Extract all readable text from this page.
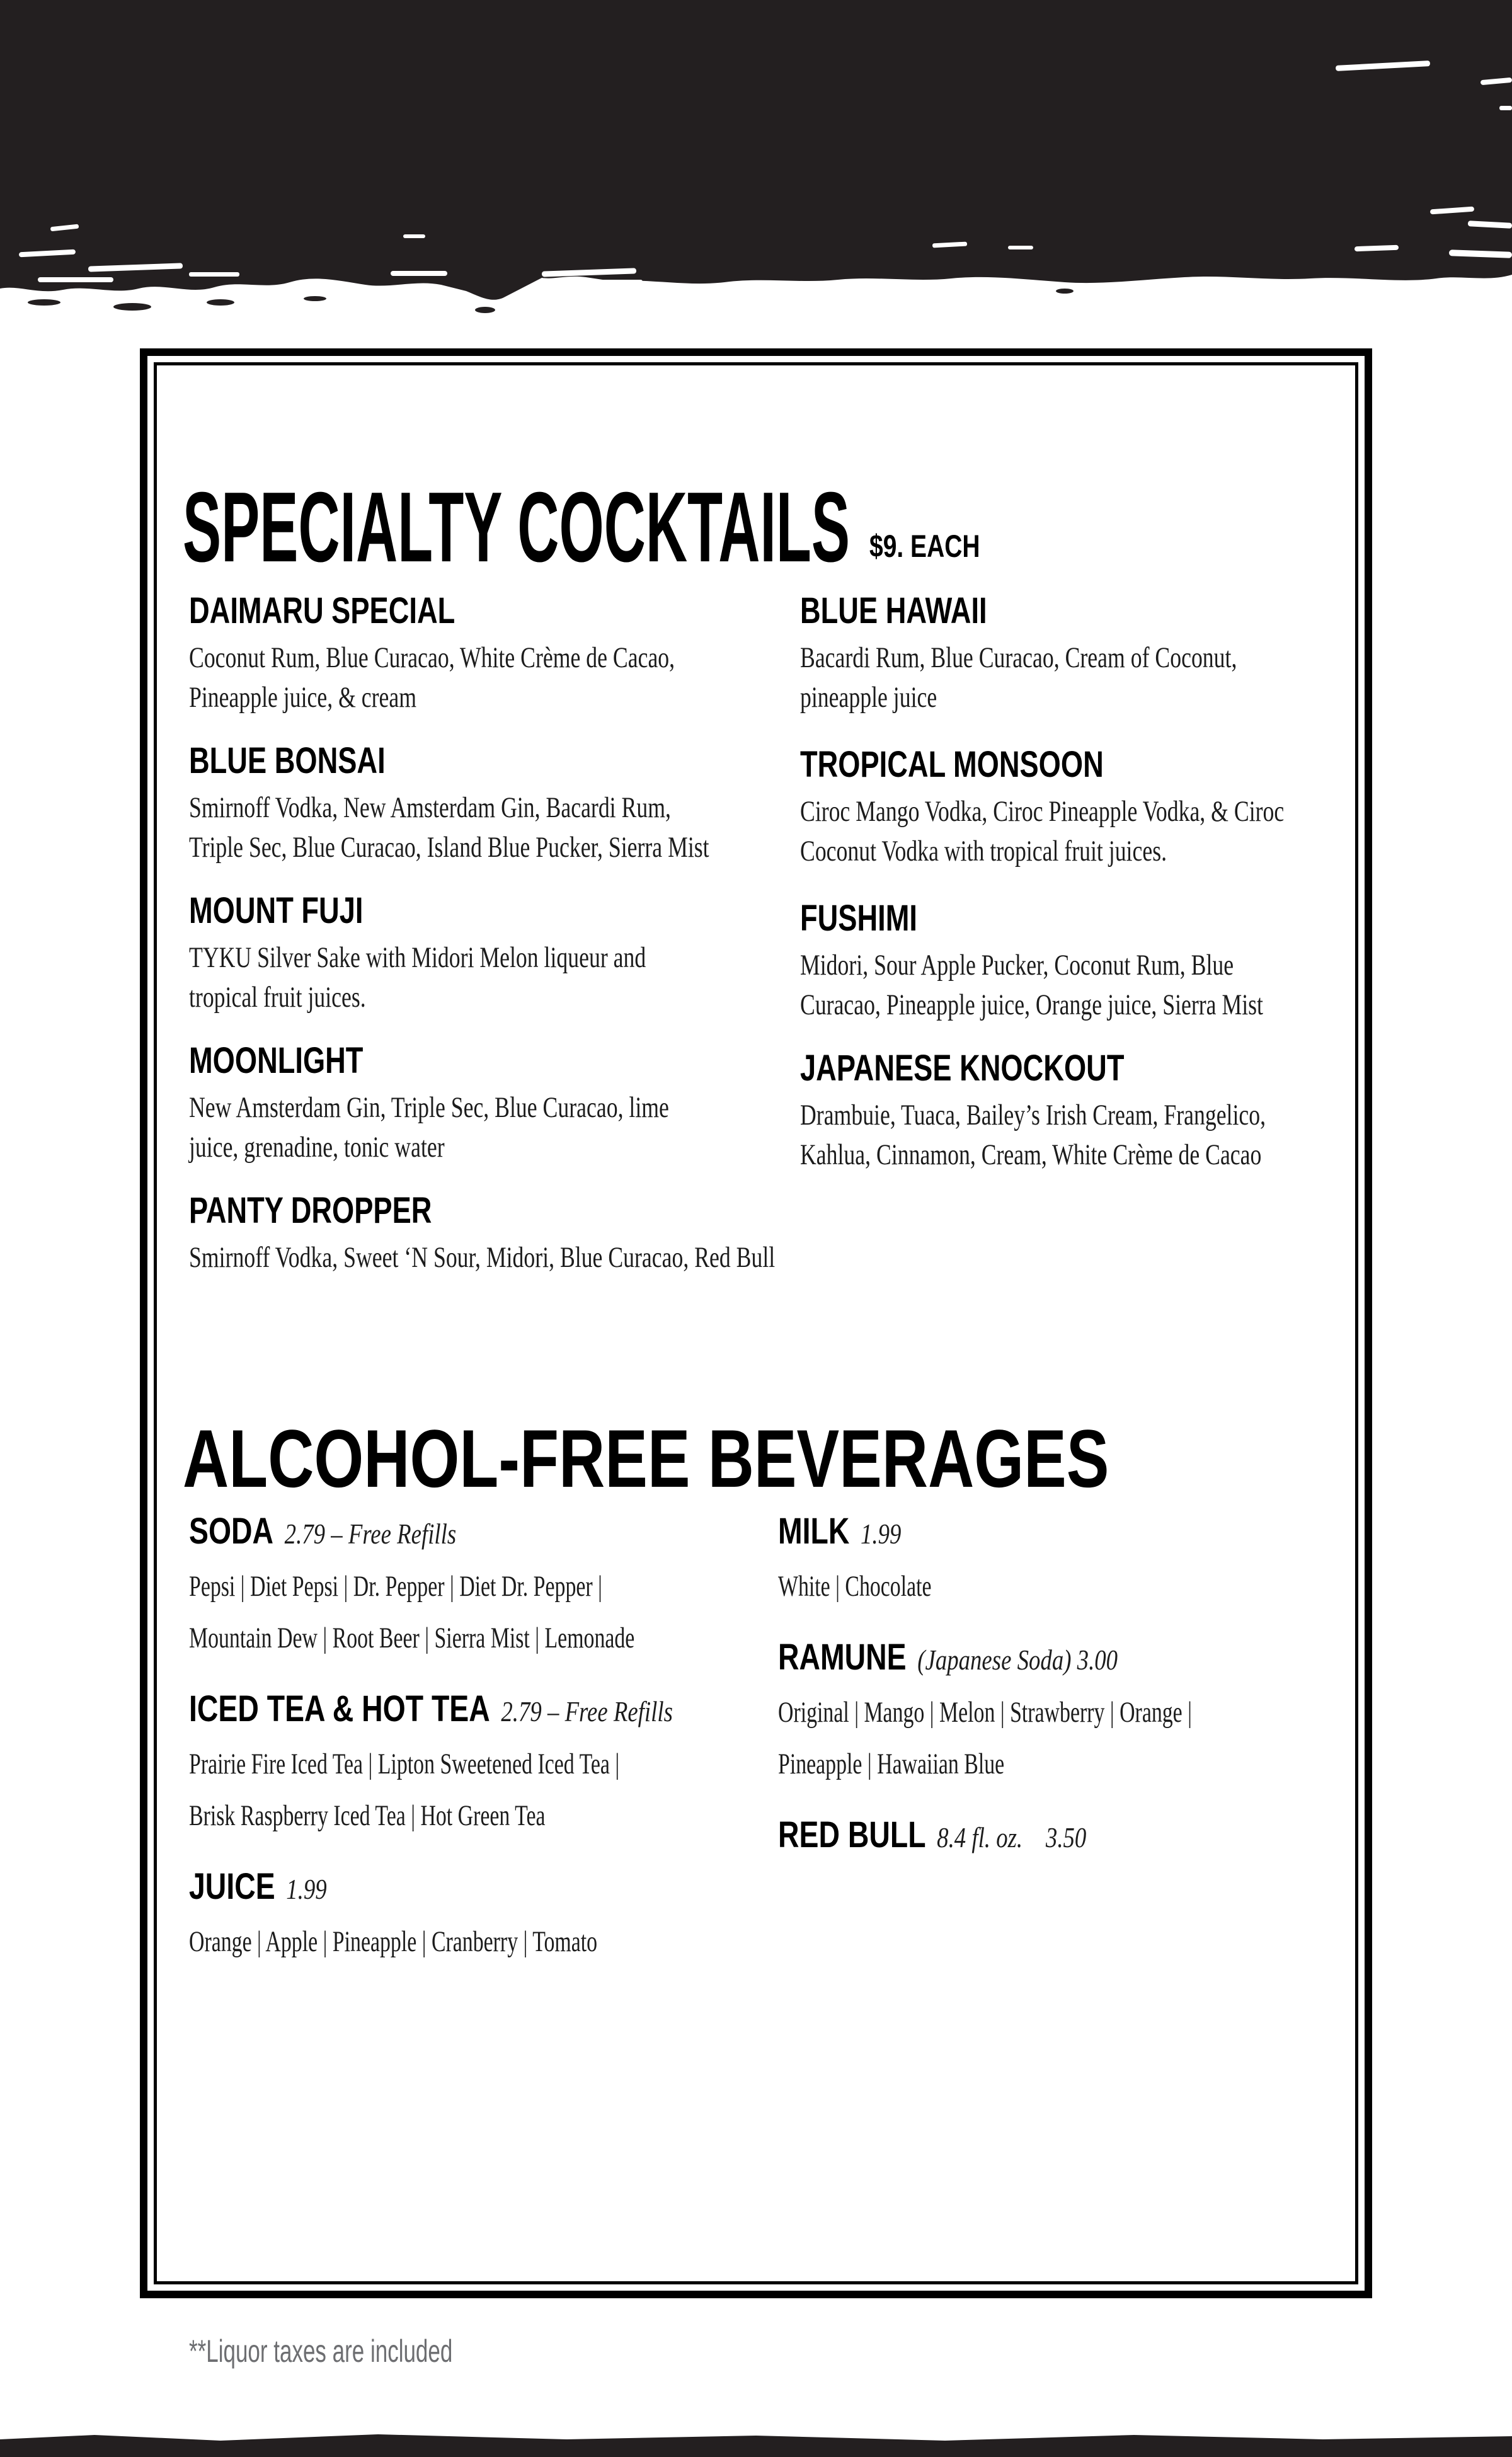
SPECIALTY COCKTAILS $9. EACH
DAIMARU SPECIAL
Coconut Rum, Blue Curacao, White Crème de Cacao,
Pineapple juice, & cream
BLUE BONSAI
Smirnoff Vodka, New Amsterdam Gin, Bacardi Rum,
Triple Sec, Blue Curacao, Island Blue Pucker, Sierra Mist
MOUNT FUJI
TYKU Silver Sake with Midori Melon liqueur and
tropical fruit juices.
MOONLIGHT
New Amsterdam Gin, Triple Sec, Blue Curacao, lime
juice, grenadine, tonic water
PANTY DROPPER
Smirnoff Vodka, Sweet ‘N Sour, Midori, Blue Curacao, Red Bull
BLUE HAWAII
Bacardi Rum, Blue Curacao, Cream of Coconut,
pineapple juice
TROPICAL MONSOON
Ciroc Mango Vodka, Ciroc Pineapple Vodka, & Ciroc
Coconut Vodka with tropical fruit juices.
FUSHIMI
Midori, Sour Apple Pucker, Coconut Rum, Blue
Curacao, Pineapple juice, Orange juice, Sierra Mist
JAPANESE KNOCKOUT
Drambuie, Tuaca, Bailey’s Irish Cream, Frangelico,
Kahlua, Cinnamon, Cream, White Crème de Cacao
ALCOHOL-FREE BEVERAGES
SODA 2.79 – Free Refills
Pepsi | Diet Pepsi | Dr. Pepper | Diet Dr. Pepper |
Mountain Dew | Root Beer | Sierra Mist | Lemonade
ICED TEA & HOT TEA 2.79 – Free Refills
Prairie Fire Iced Tea | Lipton Sweetened Iced Tea |
Brisk Raspberry Iced Tea | Hot Green Tea
JUICE 1.99
Orange | Apple | Pineapple | Cranberry | Tomato
MILK 1.99
White | Chocolate
RAMUNE (Japanese Soda) 3.00
Original | Mango | Melon | Strawberry | Orange |
Pineapple | Hawaiian Blue
RED BULL 8.4 fl. oz.    3.50
**Liquor taxes are included
